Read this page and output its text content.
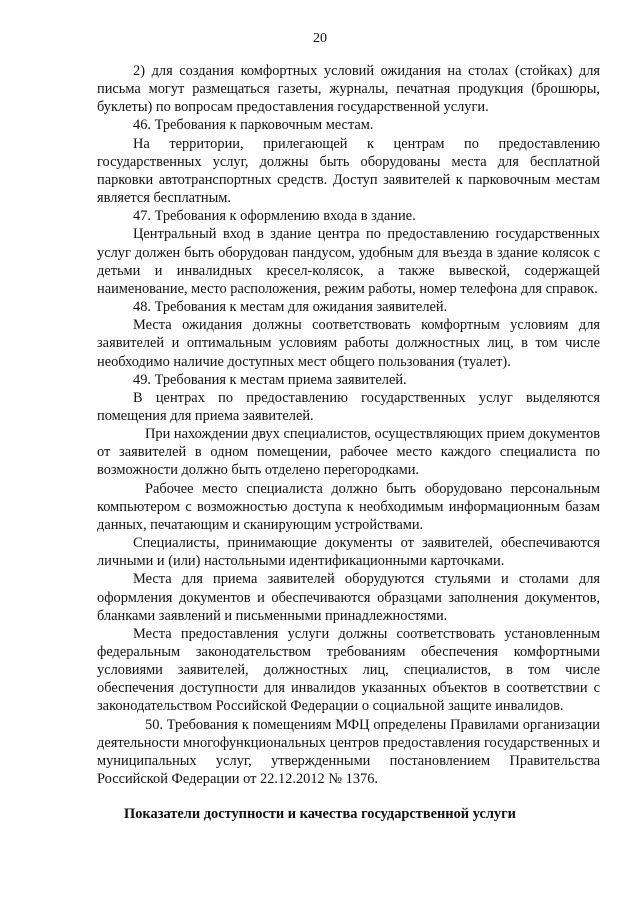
20

2) для создания комфортных условий ожидания на столах (стойках) для письма могут размещаться газеты, журналы, печатная продукция (брошюры, буклеты) по вопросам предоставления государственной услуги.

46. Требования к парковочным местам.

На территории, прилегающей к центрам по предоставлению государственных услуг, должны быть оборудованы места для бесплатной парковки автотранспортных средств. Доступ заявителей к парковочным местам является бесплатным.

47. Требования к оформлению входа в здание.

Центральный вход в здание центра по предоставлению государственных услуг должен быть оборудован пандусом, удобным для въезда в здание колясок с детьми и инвалидных кресел-колясок, а также вывеской, содержащей наименование, место расположения, режим работы, номер телефона для справок.

48. Требования к местам для ожидания заявителей.

Места ожидания должны соответствовать комфортным условиям для заявителей и оптимальным условиям работы должностных лиц, в том числе необходимо наличие доступных мест общего пользования (туалет).

49. Требования к местам приема заявителей.

В центрах по предоставлению государственных услуг выделяются помещения для приема заявителей.

При нахождении двух специалистов, осуществляющих прием документов от заявителей в одном помещении, рабочее место каждого специалиста по возможности должно быть отделено перегородками.

Рабочее место специалиста должно быть оборудовано персональным компьютером с возможностью доступа к необходимым информационным базам данных, печатающим и сканирующим устройствами.

Специалисты, принимающие документы от заявителей, обеспечиваются личными и (или) настольными идентификационными карточками.

Места для приема заявителей оборудуются стульями и столами для оформления документов и обеспечиваются образцами заполнения документов, бланками заявлений и письменными принадлежностями.

Места предоставления услуги должны соответствовать установленным федеральным законодательством требованиям обеспечения комфортными условиями заявителей, должностных лиц, специалистов, в том числе обеспечения доступности для инвалидов указанных объектов в соответствии с законодательством Российской Федерации о социальной защите инвалидов.

50. Требования к помещениям МФЦ определены Правилами организации деятельности многофункциональных центров предоставления государственных и муниципальных услуг, утвержденными постановлением Правительства Российской Федерации от 22.12.2012 № 1376.

Показатели доступности и качества государственной услуги
